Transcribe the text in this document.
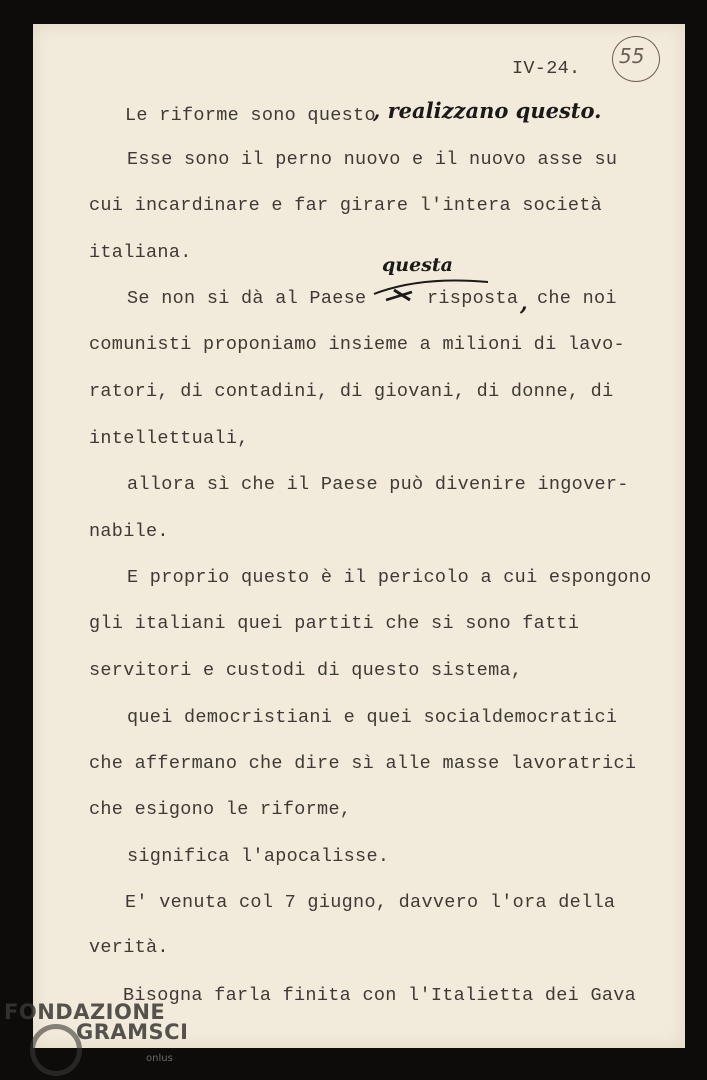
IV-24.
55
Le riforme sono questo
, realizzano questo.
Esse sono il perno nuovo e il nuovo asse su
cui incardinare e far girare l'intera società
italiana.
questa
Se non si dà al Paese	risposta , che noi
comunisti proponiamo insieme a milioni di lavo-
ratori, di contadini, di giovani, di donne, di
intellettuali,
allora sì che il Paese può divenire ingover-
nabile.
E proprio questo è il pericolo a cui espongono
gli italiani quei partiti che si sono fatti
servitori e custodi di questo sistema,
quei democristiani e quei socialdemocratici
che affermano che dire sì alle masse lavoratrici
che esigono le riforme,
significa l'apocalisse.
E' venuta col 7 giugno, davvero l'ora della
verità.
Bisogna farla finita con l'Italietta dei Gava
FONDAZIONE
GRAMSCI
onlus
